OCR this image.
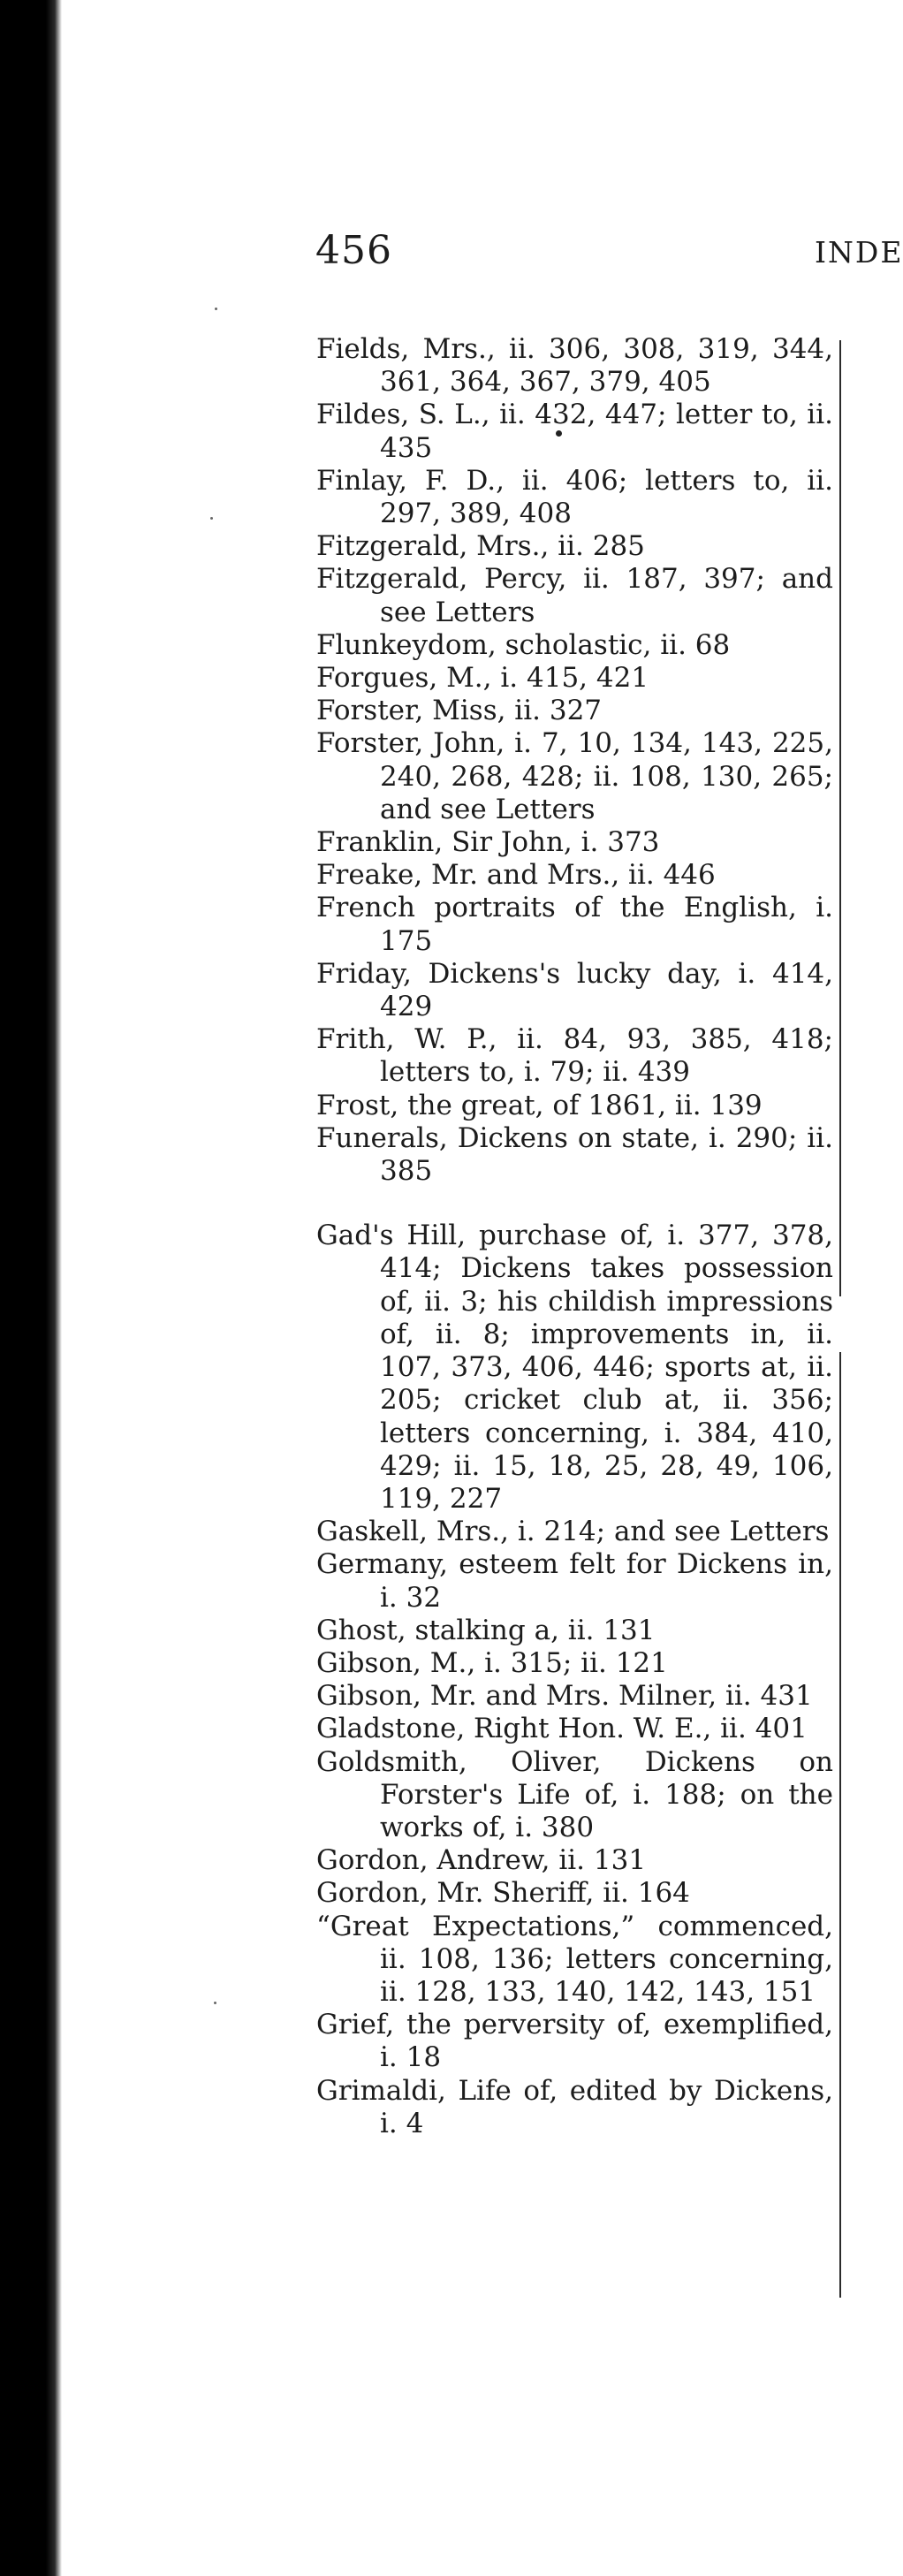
456	INDE

Fields, Mrs., ii. 306, 308, 319, 344, 361, 364, 367, 379, 405

Fildes, S. L., ii. 432, 447; letter to, ii. 435

Finlay, F. D., ii. 406; letters to, ii. 297, 389, 408

Fitzgerald, Mrs., ii. 285

Fitzgerald, Percy, ii. 187, 397; and see Letters

Flunkeydom, scholastic, ii. 68

Forgues, M., i. 415, 421

Forster, Miss, ii. 327

Forster, John, i. 7, 10, 134, 143, 225, 240, 268, 428; ii. 108, 130, 265; and see Letters

Franklin, Sir John, i. 373

Freake, Mr. and Mrs., ii. 446

French portraits of the English, i. 175

Friday, Dickens's lucky day, i. 414, 429

Frith, W. P., ii. 84, 93, 385, 418; letters to, i. 79; ii. 439

Frost, the great, of 1861, ii. 139

Funerals, Dickens on state, i. 290; ii. 385

Gad's Hill, purchase of, i. 377, 378, 414; Dickens takes possession of, ii. 3; his childish impressions of, ii. 8; improvements in, ii. 107, 373, 406, 446; sports at, ii. 205; cricket club at, ii. 356; letters concerning, i. 384, 410, 429; ii. 15, 18, 25, 28, 49, 106, 119, 227

Gaskell, Mrs., i. 214; and see Letters

Germany, esteem felt for Dickens in, i. 32

Ghost, stalking a, ii. 131

Gibson, M., i. 315; ii. 121

Gibson, Mr. and Mrs. Milner, ii. 431

Gladstone, Right Hon. W. E., ii. 401

Goldsmith, Oliver, Dickens on Forster's Life of, i. 188; on the works of, i. 380

Gordon, Andrew, ii. 131

Gordon, Mr. Sheriff, ii. 164

“Great Expectations,” commenced, ii. 108, 136; letters concerning, ii. 128, 133, 140, 142, 143, 151

Grief, the perversity of, exemplified, i. 18

Grimaldi, Life of, edited by Dickens, i. 4
